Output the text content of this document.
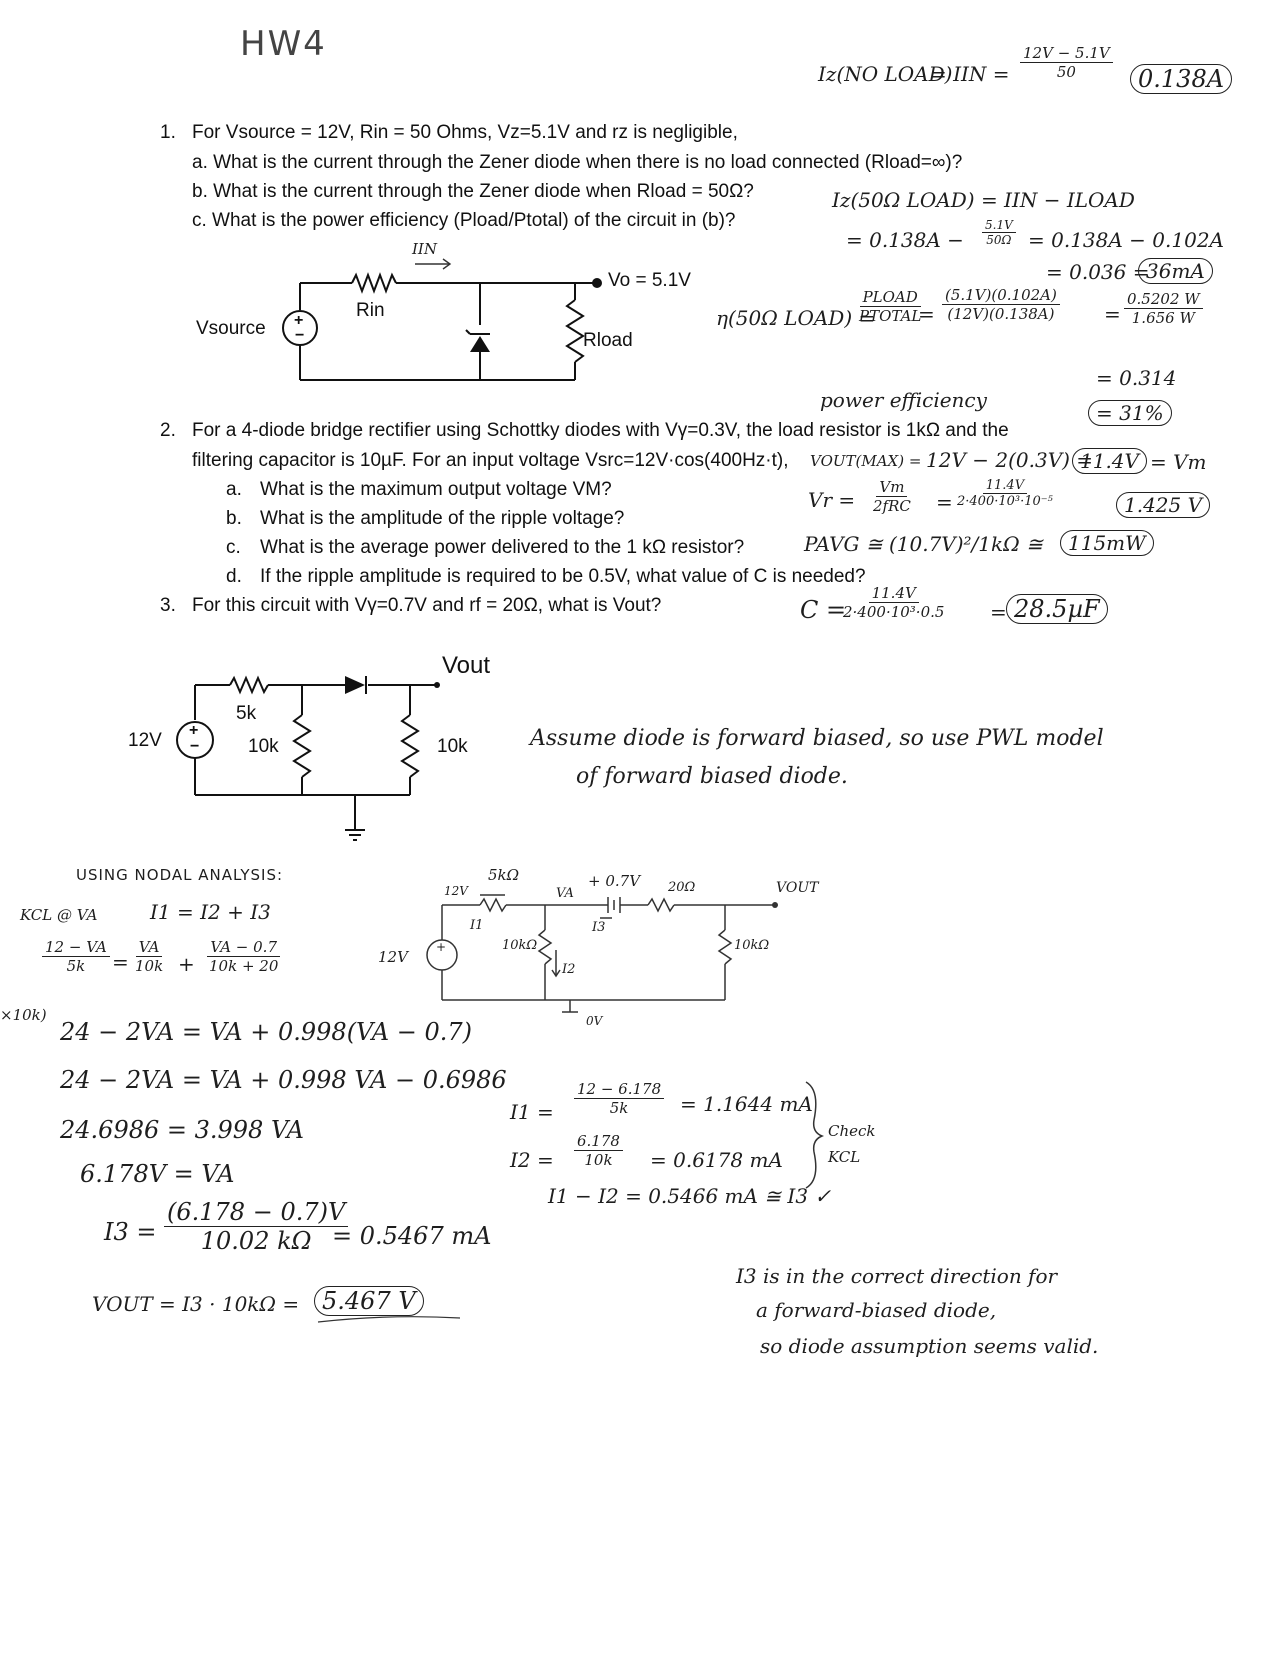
HW4
1. For Vsource = 12V, Rin = 50 Ohms, Vz=5.1V and rz is negligible,
a. What is the current through the Zener diode when there is no load connected (Rload=∞)?
b. What is the current through the Zener diode when Rload = 50Ω?
c. What is the power efficiency (Pload/Ptotal) of the circuit in (b)?
+
−
Vsource
Rin
Rload
Vo = 5.1V
IIN
Iz(NO LOAD)
= IIN = $\frac{12V - 5.1V}{50}$	0.138A
Iz(50Ω LOAD) = IIN − ILOAD
= $0.138A - \frac{5.1V}{50\Omega} = 0.138A - 0.102A$
= 0.036 =
36mA
η(50Ω LOAD) =
$\frac{\text{PLOAD}}{\text{PTOTAL}}$
= $\frac{(5.1V)(0.102A)}{(12V)(0.138A)} = \frac{0.5202 W}{1.656 W}$
= 0.314
power efficiency
= 31%
2. For a 4-diode bridge rectifier using Schottky diodes with Vγ=0.3V, the load resistor is 1kΩ and the
filtering capacitor is 10µF. For an input voltage Vsrc=12V·cos(400Hz·t),
a. What is the maximum output voltage VM?
b. What is the amplitude of the ripple voltage?
c. What is the average power delivered to the 1 kΩ resistor?
d. If the ripple amplitude is required to be 0.5V, what value of C is needed?
VOUT(MAX) = 12V − 2(0.3V) =
11.4V = Vm
$Vr = \frac{Vm}{\text{2fRC}} = \frac{11.4V}{\text{2·400·10³·10⁻⁵}}$	1.425 V
PAVG ≅ (10.7V)²/1kΩ ≅	115mW
C =
$\frac{11.4V}{\text{2·400·10³·0.5}} = 28.5\mu F$
3. For this circuit with Vγ=0.7V and rf = 20Ω, what is Vout?
+
−
12V
5k
10k	10k
Vout
Assume diode is forward biased, so use PWL model
of forward biased diode.
USING NODAL ANALYSIS:
KCL @ VA	I1 = I2 + I3
$\frac{12 - VA}{5k} = \frac{VA}{10k} + \frac{VA - 0.7}{10k + 20}$
×10k)
24 − 2VA = VA + 0.998(VA − 0.7)
24 − 2VA = VA + 0.998 VA − 0.6986
24.6986 = 3.998 VA
6.178V = VA
$I3 = \frac{(6.178 - 0.7)V}{10.02 k\Omega}$
= 0.5467 mA
VOUT = I3 · 10kΩ = 5.467 V
12V
5kΩ	+ 0.7V 20Ω	VOUT
VA
I1	I3
I2
10kΩ	10kΩ
12V
+
0V
$I1 = \frac{12 - 6.178}{5k} = 1.1644$ mA
$I2 = \frac{6.178}{10k} = 0.6178$ mA
I1 − I2 = 0.5466 mA ≅ I3 ✓
Check
KCL
I3 is in the correct direction for
a forward-biased diode,
so diode assumption seems valid.
